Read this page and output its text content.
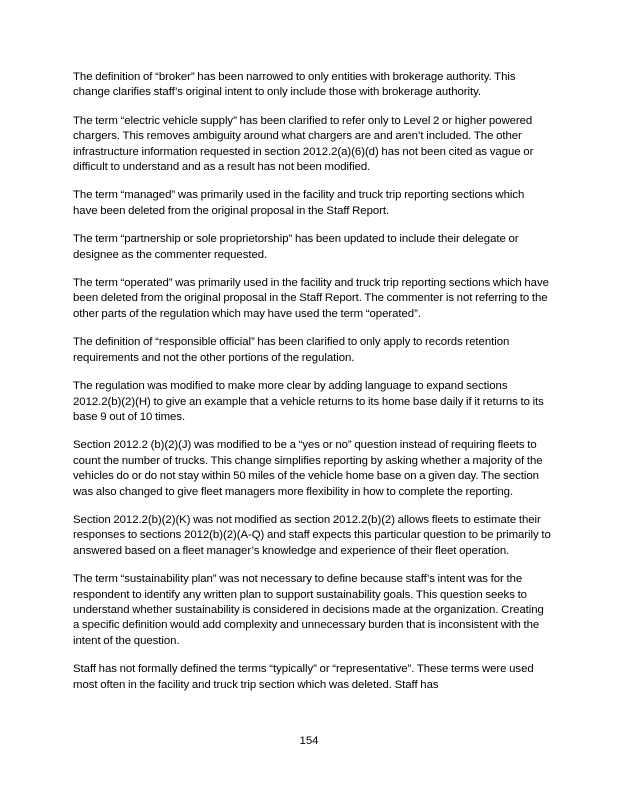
The definition of “broker” has been narrowed to only entities with brokerage authority. This change clarifies staff’s original intent to only include those with brokerage authority.

The term “electric vehicle supply” has been clarified to refer only to Level 2 or higher powered chargers. This removes ambiguity around what chargers are and aren’t included. The other infrastructure information requested in section 2012.2(a)(6)(d) has not been cited as vague or difficult to understand and as a result has not been modified.

The term “managed” was primarily used in the facility and truck trip reporting sections which have been deleted from the original proposal in the Staff Report.

The term “partnership or sole proprietorship” has been updated to include their delegate or designee as the commenter requested.

The term “operated” was primarily used in the facility and truck trip reporting sections which have been deleted from the original proposal in the Staff Report. The commenter is not referring to the other parts of the regulation which may have used the term “operated”.

The definition of “responsible official” has been clarified to only apply to records retention requirements and not the other portions of the regulation.

The regulation was modified to make more clear by adding language to expand sections 2012.2(b)(2)(H) to give an example that a vehicle returns to its home base daily if it returns to its base 9 out of 10 times.

Section 2012.2 (b)(2)(J) was modified to be a “yes or no” question instead of requiring fleets to count the number of trucks. This change simplifies reporting by asking whether a majority of the vehicles do or do not stay within 50 miles of the vehicle home base on a given day. The section was also changed to give fleet managers more flexibility in how to complete the reporting.

Section 2012.2(b)(2)(K) was not modified as section 2012.2(b)(2) allows fleets to estimate their responses to sections 2012(b)(2)(A-Q) and staff expects this particular question to be primarily to answered based on a fleet manager’s knowledge and experience of their fleet operation.

The term “sustainability plan” was not necessary to define because staff’s intent was for the respondent to identify any written plan to support sustainability goals. This question seeks to understand whether sustainability is considered in decisions made at the organization. Creating a specific definition would add complexity and unnecessary burden that is inconsistent with the intent of the question.

Staff has not formally defined the terms “typically” or “representative”. These terms were used most often in the facility and truck trip section which was deleted. Staff has

154
